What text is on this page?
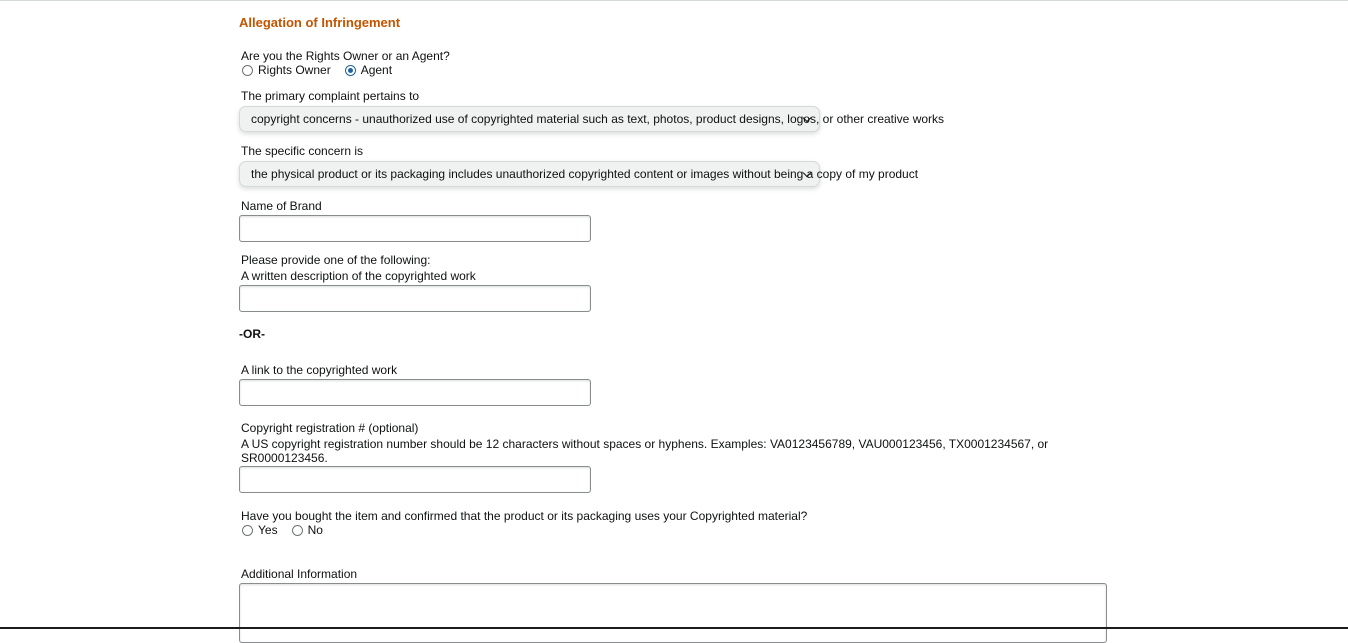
Allegation of Infringement
Are you the Rights Owner or an Agent?
Rights Owner	Agent
The primary complaint pertains to
copyright concerns - unauthorized use of copyrighted material such as text, photos, product designs, logos, or other creative works
The specific concern is
the physical product or its packaging includes unauthorized copyrighted content or images without being a copy of my product
Name of Brand
Please provide one of the following:
A written description of the copyrighted work
-OR-
A link to the copyrighted work
Copyright registration # (optional)
A US copyright registration number should be 12 characters without spaces or hyphens. Examples: VA0123456789, VAU000123456, TX0001234567, or
SR0000123456.
Have you bought the item and confirmed that the product or its packaging uses your Copyrighted material?
Yes	No
Additional Information
